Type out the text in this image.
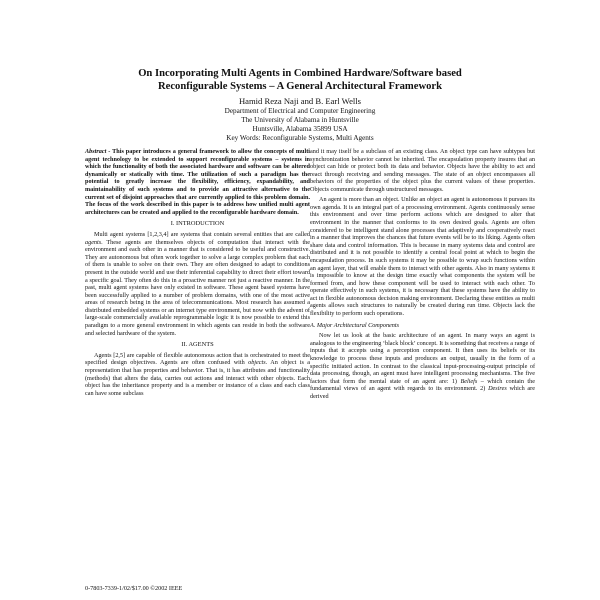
On Incorporating Multi Agents in Combined Hardware/Software based
Reconfigurable Systems – A General Architectural Framework
Hamid Reza Naji and B. Earl Wells
Department of Electrical and Computer Engineering
The University of Alabama in Huntsville
Huntsville, Alabama 35899 USA
Key Words: Reconfigurable Systems, Multi Agents

Abstract - This paper introduces a general framework to allow the concepts of multi agent technology to be extended to support reconfigurable systems – systems in which the functionality of both the associated hardware and software can be altered dynamically or statically with time. The utilization of such a paradigm has the potential to greatly increase the flexibility, efficiency, expandability, and maintainability of such systems and to provide an attractive alternative to the current set of disjoint approaches that are currently applied to this problem domain. The focus of the work described in this paper is to address how unified multi agent architectures can be created and applied to the reconfigurable hardware domain.

I. INTRODUCTION

Multi agent systems [1,2,3,4] are systems that contain several entities that are called agents. These agents are themselves objects of computation that interact with the environment and each other in a manner that is considered to be useful and constructive. They are autonomous but often work together to solve a large complex problem that each of them is unable to solve on their own. They are often designed to adapt to conditions present in the outside world and use their inferential capability to direct their effort toward a specific goal. They often do this in a proactive manner not just a reactive manner. In the past, multi agent systems have only existed in software. These agent based systems have been successfully applied to a number of problem domains, with one of the most active areas of research being in the area of telecommunications. Most research has assumed a distributed embedded systems or an internet type environment, but now with the advent of large-scale commercially available reprogrammable logic it is now possible to extend this paradigm to a more general environment in which agents can reside in both the software and selected hardware of the system.

II. AGENTS

Agents [2,5] are capable of flexible autonomous action that is orchestrated to meet the specified design objectives. Agents are often confused with objects. An object is a representation that has properties and behavior. That is, it has attributes and functionality (methods) that alters the data, carries out actions and interact with other objects. Each object has the inheritance property and is a member or instance of a class and each class can have some subclass

and it may itself be a subclass of an existing class. An object type can have subtypes but synchronization behavior cannot be inherited. The encapsulation property insures that an object can hide or protect both its data and behavior. Objects have the ability to act and react through receiving and sending messages. The state of an object encompasses all behaviors of the properties of the object plus the current values of these properties. Objects communicate through unstructured messages.

An agent is more than an object. Unlike an object an agent is autonomous it pursues its own agenda. It is an integral part of a processing environment. Agents continuously sense this environment and over time perform actions which are designed to alter that environment in the manner that conforms to its own desired goals. Agents are often considered to be intelligent stand alone processes that adaptively and cooperatively react in a manner that improves the chances that future events will be to its liking. Agents often share data and control information. This is because in many systems data and control are distributed and it is not possible to identify a central focal point at which to begin the encapsulation process. In such systems it may be possible to wrap such functions within an agent layer, that will enable them to interact with other agents. Also in many systems it is impossible to know at the design time exactly what components the system will be formed from, and how these component will be used to interact with each other. To operate effectively in such systems, it is necessary that these systems have the ability to act in flexible autonomous decision making environment. Declaring these entities as multi agents allows such structures to naturally be created during run time. Objects lack the flexibility to perform such operations.

A. Major Architectural Components

Now let us look at the basic architecture of an agent. In many ways an agent is analogous to the engineering ‘black block’ concept. It is something that receives a range of inputs that it accepts using a perception component. It then uses its beliefs or its knowledge to process these inputs and produces an output, usually in the form of a specific initiated action. In contrast to the classical input-processing-output principle of data processing, though, an agent must have intelligent processing mechanisms. The five factors that form the mental state of an agent are: 1) Beliefs – which contain the fundamental views of an agent with regards to its environment. 2) Desires which are derived

0-7803-7339-1/02/$17.00 ©2002 IEEE
